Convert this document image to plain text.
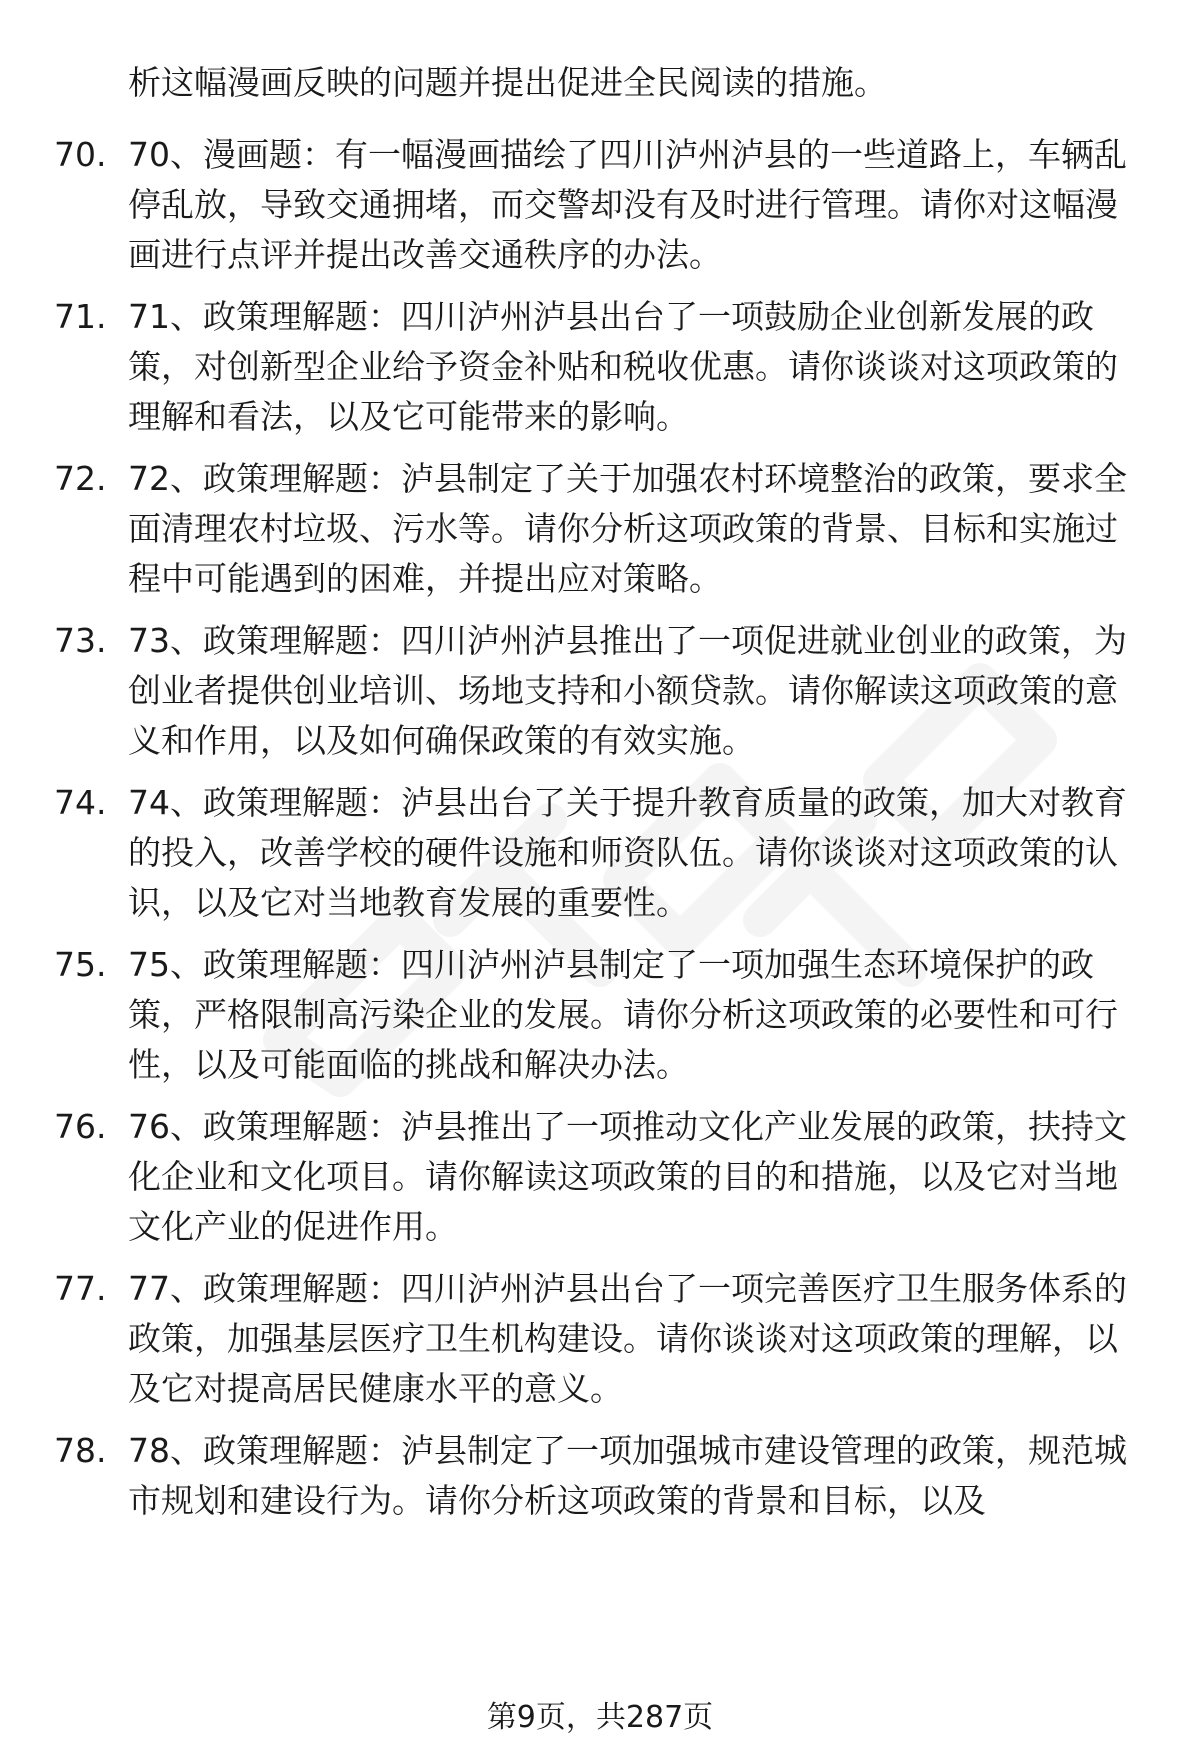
析这幅漫画反映的问题并提出促进全民阅读的措施。

70. 70、漫画题：有一幅漫画描绘了四川泸州泸县的一些道路上，车辆乱停乱放，导致交通拥堵，而交警却没有及时进行管理。请你对这幅漫画进行点评并提出改善交通秩序的办法。

71. 71、政策理解题：四川泸州泸县出台了一项鼓励企业创新发展的政策，对创新型企业给予资金补贴和税收优惠。请你谈谈对这项政策的理解和看法，以及它可能带来的影响。

72. 72、政策理解题：泸县制定了关于加强农村环境整治的政策，要求全面清理农村垃圾、污水等。请你分析这项政策的背景、目标和实施过程中可能遇到的困难，并提出应对策略。

73. 73、政策理解题：四川泸州泸县推出了一项促进就业创业的政策，为创业者提供创业培训、场地支持和小额贷款。请你解读这项政策的意义和作用，以及如何确保政策的有效实施。

74. 74、政策理解题：泸县出台了关于提升教育质量的政策，加大对教育的投入，改善学校的硬件设施和师资队伍。请你谈谈对这项政策的认识，以及它对当地教育发展的重要性。

75. 75、政策理解题：四川泸州泸县制定了一项加强生态环境保护的政策，严格限制高污染企业的发展。请你分析这项政策的必要性和可行性，以及可能面临的挑战和解决办法。

76. 76、政策理解题：泸县推出了一项推动文化产业发展的政策，扶持文化企业和文化项目。请你解读这项政策的目的和措施，以及它对当地文化产业的促进作用。

77. 77、政策理解题：四川泸州泸县出台了一项完善医疗卫生服务体系的政策，加强基层医疗卫生机构建设。请你谈谈对这项政策的理解，以及它对提高居民健康水平的意义。

78. 78、政策理解题：泸县制定了一项加强城市建设管理的政策，规范城市规划和建设行为。请你分析这项政策的背景和目标，以及

第9页，共287页
